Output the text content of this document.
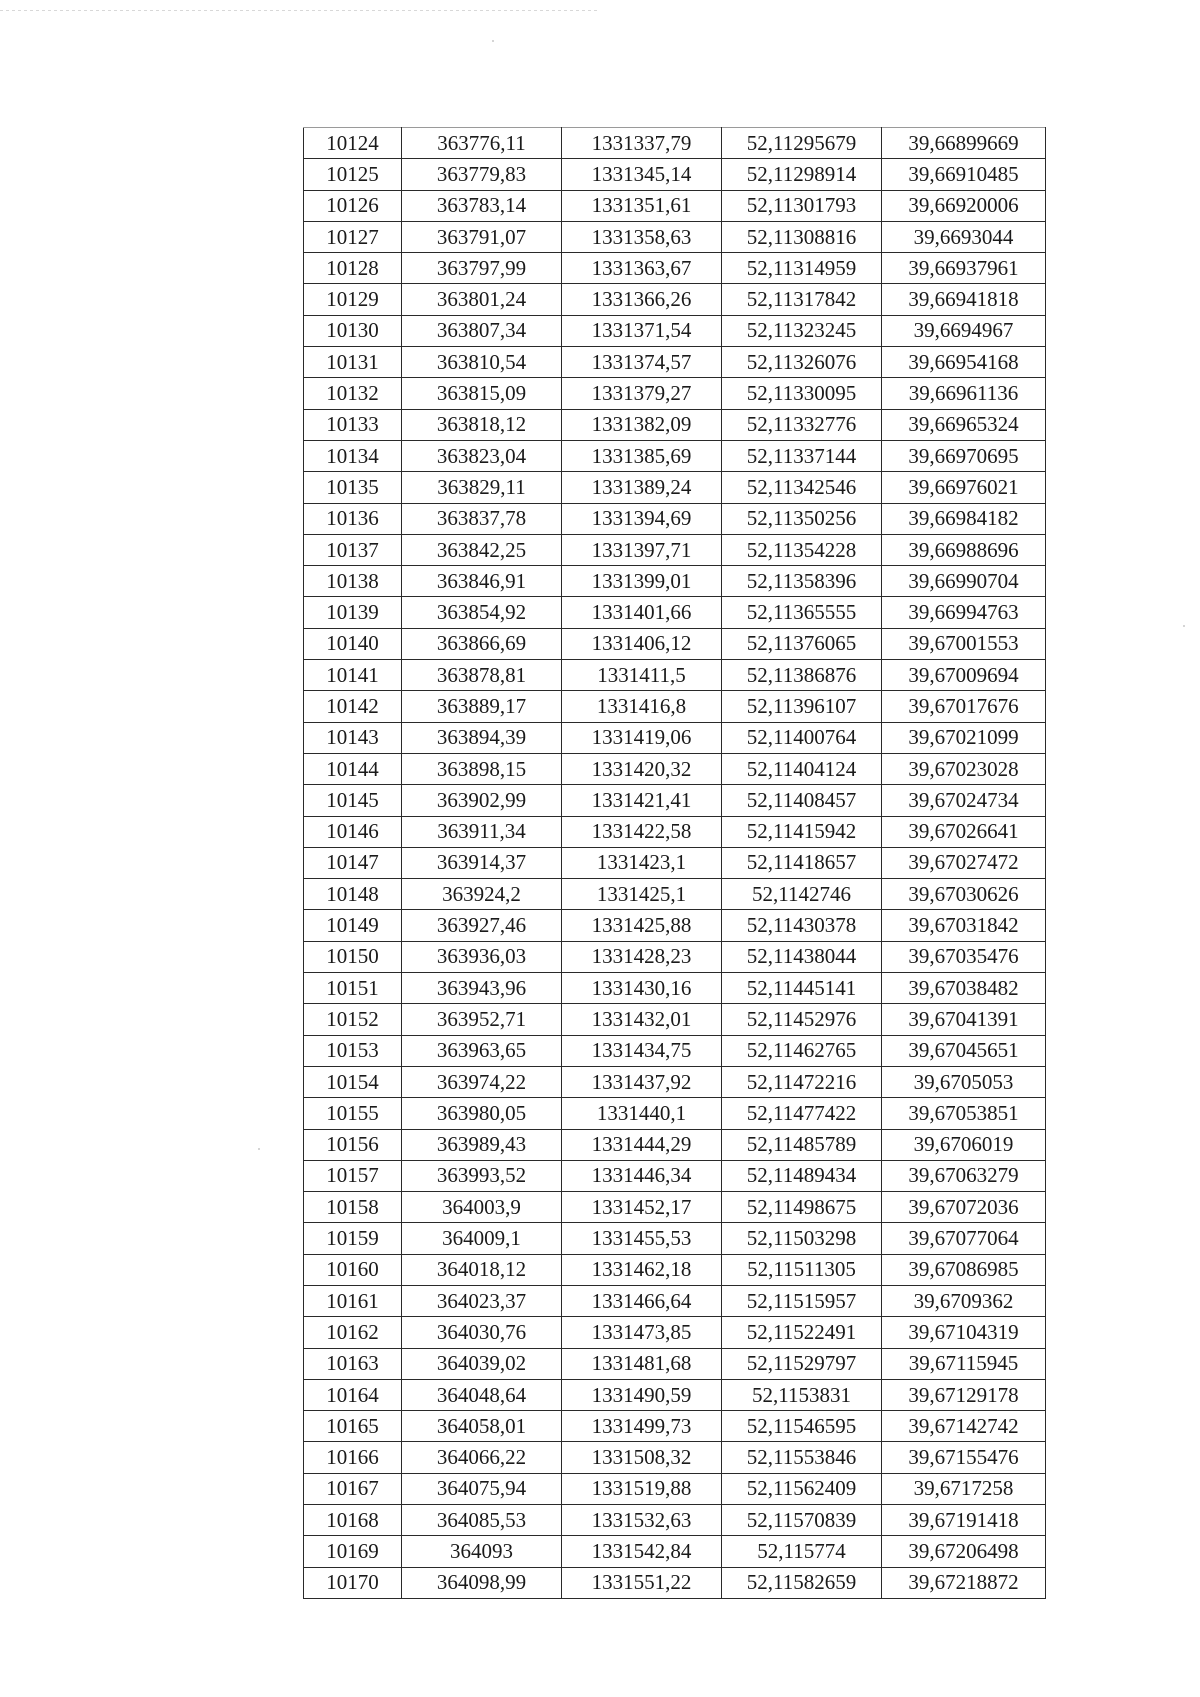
10124	363776,11	1331337,79	52,11295679	39,66899669
10125	363779,83	1331345,14	52,11298914	39,66910485
10126	363783,14	1331351,61	52,11301793	39,66920006
10127	363791,07	1331358,63	52,11308816	39,6693044
10128	363797,99	1331363,67	52,11314959	39,66937961
10129	363801,24	1331366,26	52,11317842	39,66941818
10130	363807,34	1331371,54	52,11323245	39,6694967
10131	363810,54	1331374,57	52,11326076	39,66954168
10132	363815,09	1331379,27	52,11330095	39,66961136
10133	363818,12	1331382,09	52,11332776	39,66965324
10134	363823,04	1331385,69	52,11337144	39,66970695
10135	363829,11	1331389,24	52,11342546	39,66976021
10136	363837,78	1331394,69	52,11350256	39,66984182
10137	363842,25	1331397,71	52,11354228	39,66988696
10138	363846,91	1331399,01	52,11358396	39,66990704
10139	363854,92	1331401,66	52,11365555	39,66994763
10140	363866,69	1331406,12	52,11376065	39,67001553
10141	363878,81	1331411,5	52,11386876	39,67009694
10142	363889,17	1331416,8	52,11396107	39,67017676
10143	363894,39	1331419,06	52,11400764	39,67021099
10144	363898,15	1331420,32	52,11404124	39,67023028
10145	363902,99	1331421,41	52,11408457	39,67024734
10146	363911,34	1331422,58	52,11415942	39,67026641
10147	363914,37	1331423,1	52,11418657	39,67027472
10148	363924,2	1331425,1	52,1142746	39,67030626
10149	363927,46	1331425,88	52,11430378	39,67031842
10150	363936,03	1331428,23	52,11438044	39,67035476
10151	363943,96	1331430,16	52,11445141	39,67038482
10152	363952,71	1331432,01	52,11452976	39,67041391
10153	363963,65	1331434,75	52,11462765	39,67045651
10154	363974,22	1331437,92	52,11472216	39,6705053
10155	363980,05	1331440,1	52,11477422	39,67053851
10156	363989,43	1331444,29	52,11485789	39,6706019
10157	363993,52	1331446,34	52,11489434	39,67063279
10158	364003,9	1331452,17	52,11498675	39,67072036
10159	364009,1	1331455,53	52,11503298	39,67077064
10160	364018,12	1331462,18	52,11511305	39,67086985
10161	364023,37	1331466,64	52,11515957	39,6709362
10162	364030,76	1331473,85	52,11522491	39,67104319
10163	364039,02	1331481,68	52,11529797	39,67115945
10164	364048,64	1331490,59	52,1153831	39,67129178
10165	364058,01	1331499,73	52,11546595	39,67142742
10166	364066,22	1331508,32	52,11553846	39,67155476
10167	364075,94	1331519,88	52,11562409	39,6717258
10168	364085,53	1331532,63	52,11570839	39,67191418
10169	364093	1331542,84	52,115774	39,67206498
10170	364098,99	1331551,22	52,11582659	39,67218872
